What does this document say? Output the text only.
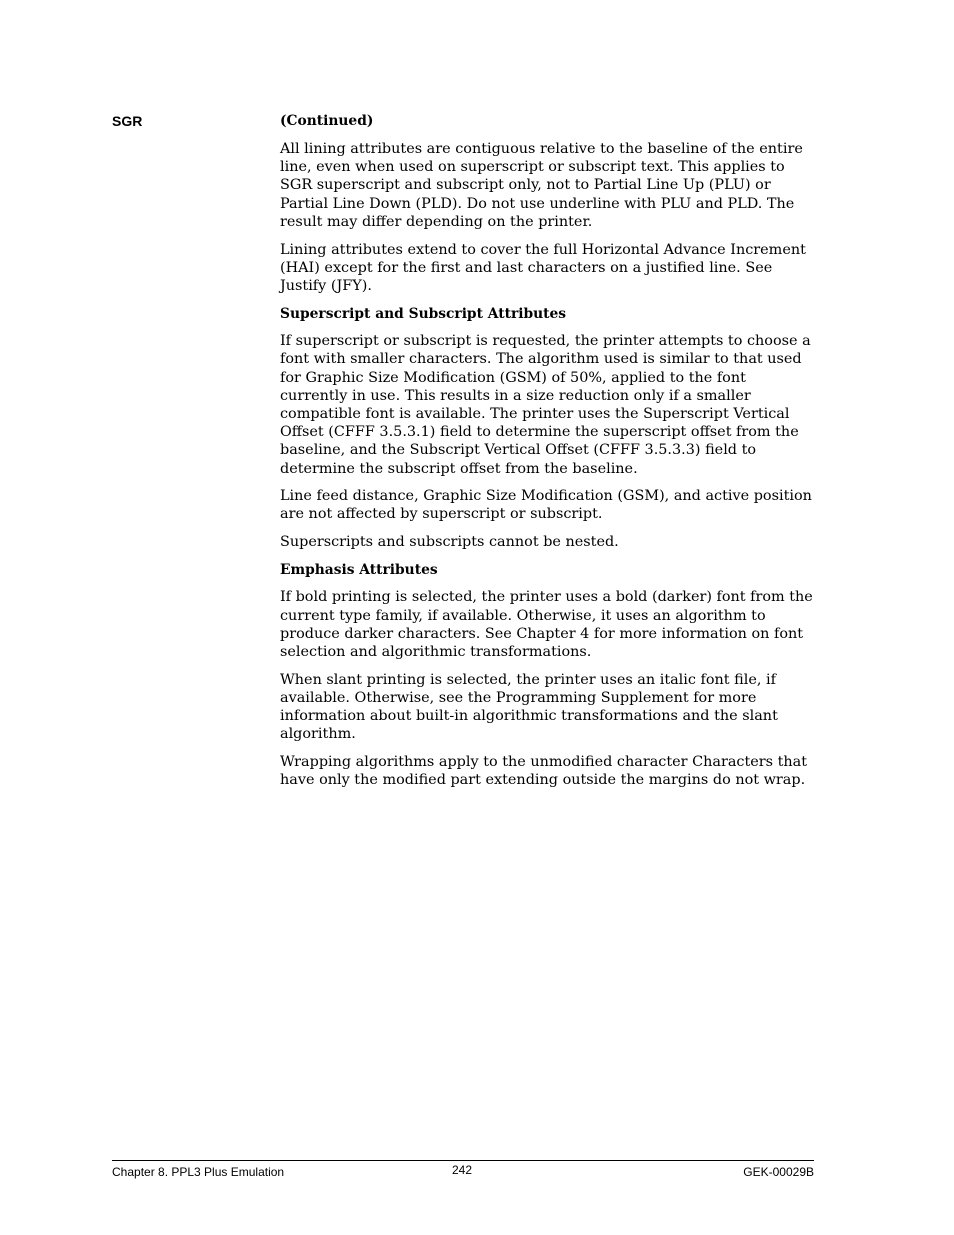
SGR	(Continued)

All lining attributes are contiguous relative to the baseline of the entire line, even when used on superscript or subscript text. This applies to SGR superscript and subscript only, not to Partial Line Up (PLU) or Partial Line Down (PLD). Do not use underline with PLU and PLD. The result may differ depending on the printer.

Lining attributes extend to cover the full Horizontal Advance Increment (HAI) except for the first and last characters on a justified line. See Justify (JFY).

Superscript and Subscript Attributes

If superscript or subscript is requested, the printer attempts to choose a font with smaller characters. The algorithm used is similar to that used for Graphic Size Modification (GSM) of 50%, applied to the font currently in use. This results in a size reduction only if a smaller compatible font is available. The printer uses the Superscript Vertical Offset (CFFF 3.5.3.1) field to determine the superscript offset from the baseline, and the Subscript Vertical Offset (CFFF 3.5.3.3) field to determine the subscript offset from the baseline.

Line feed distance, Graphic Size Modification (GSM), and active position are not affected by superscript or subscript.

Superscripts and subscripts cannot be nested.

Emphasis Attributes

If bold printing is selected, the printer uses a bold (darker) font from the current type family, if available. Otherwise, it uses an algorithm to produce darker characters. See Chapter 4 for more information on font selection and algorithmic transformations.

When slant printing is selected, the printer uses an italic font file, if available. Otherwise, see the Programming Supplement for more information about built-in algorithmic transformations and the slant algorithm.

Wrapping algorithms apply to the unmodified character Characters that have only the modified part extending outside the margins do not wrap.

Chapter 8. PPL3 Plus Emulation	242	GEK-00029B
